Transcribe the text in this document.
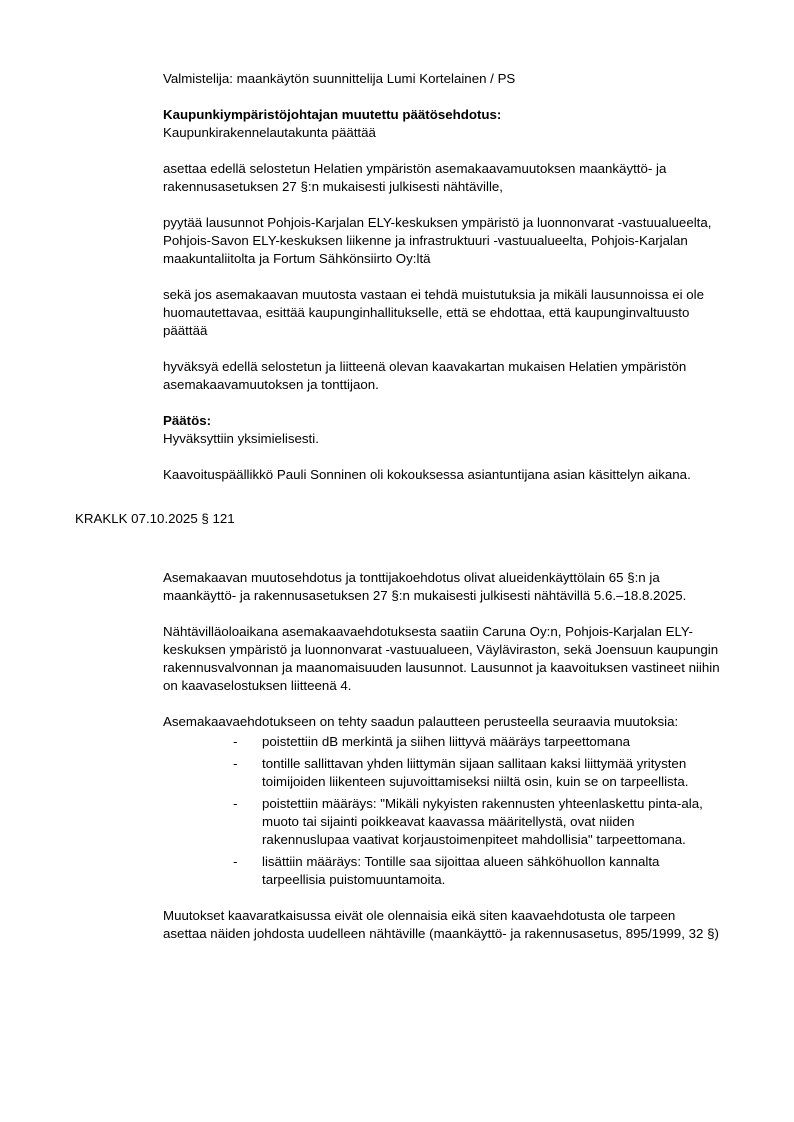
Valmistelija: maankäytön suunnittelija Lumi Kortelainen / PS

Kaupunkiympäristöjohtajan muutettu päätösehdotus:

Kaupunkirakennelautakunta päättää

asettaa edellä selostetun Helatien ympäristön asemakaavamuutoksen maankäyttö- ja rakennusasetuksen 27 §:n mukaisesti julkisesti nähtäville,

pyytää lausunnot Pohjois-Karjalan ELY-keskuksen ympäristö ja luonnonvarat -vastuualueelta, Pohjois-Savon ELY-keskuksen liikenne ja infrastruktuuri -vastuualueelta, Pohjois-Karjalan maakuntaliitolta ja Fortum Sähkönsiirto Oy:ltä

sekä jos asemakaavan muutosta vastaan ei tehdä muistutuksia ja mikäli lausunnoissa ei ole huomautettavaa, esittää kaupunginhallitukselle, että se ehdottaa, että kaupunginvaltuusto päättää

hyväksyä edellä selostetun ja liitteenä olevan kaavakartan mukaisen Helatien ympäristön asemakaavamuutoksen ja tonttijaon.

Päätös:

Hyväksyttiin yksimielisesti.

Kaavoituspäällikkö Pauli Sonninen oli kokouksessa asiantuntijana asian käsittelyn aikana.

KRAKLK 07.10.2025 § 121

Asemakaavan muutosehdotus ja tonttijakoehdotus olivat alueidenkäyttölain 65 §:n ja maankäyttö- ja rakennusasetuksen 27 §:n mukaisesti julkisesti nähtävillä 5.6.–18.8.2025.

Nähtävilläoloaikana asemakaavaehdotuksesta saatiin Caruna Oy:n, Pohjois-Karjalan ELY-keskuksen ympäristö ja luonnonvarat -vastuualueen, Väyläviraston, sekä Joensuun kaupungin rakennusvalvonnan ja maanomaisuuden lausunnot. Lausunnot ja kaavoituksen vastineet niihin on kaavaselostuksen liitteenä 4.

Asemakaavaehdotukseen on tehty saadun palautteen perusteella seuraavia muutoksia:

-	poistettiin dB merkintä ja siihen liittyvä määräys tarpeettomana
-	tontille sallittavan yhden liittymän sijaan sallitaan kaksi liittymää yritysten toimijoiden liikenteen sujuvoittamiseksi niiltä osin, kuin se on tarpeellista.
-	poistettiin määräys: "Mikäli nykyisten rakennusten yhteenlaskettu pinta-ala, muoto tai sijainti poikkeavat kaavassa määritellystä, ovat niiden rakennuslupaa vaativat korjaustoimenpiteet mahdollisia" tarpeettomana.
-	lisättiin määräys: Tontille saa sijoittaa alueen sähköhuollon kannalta tarpeellisia puistomuuntamoita.

Muutokset kaavaratkaisussa eivät ole olennaisia eikä siten kaavaehdotusta ole tarpeen asettaa näiden johdosta uudelleen nähtäville (maankäyttö- ja rakennusasetus, 895/1999, 32 §)
